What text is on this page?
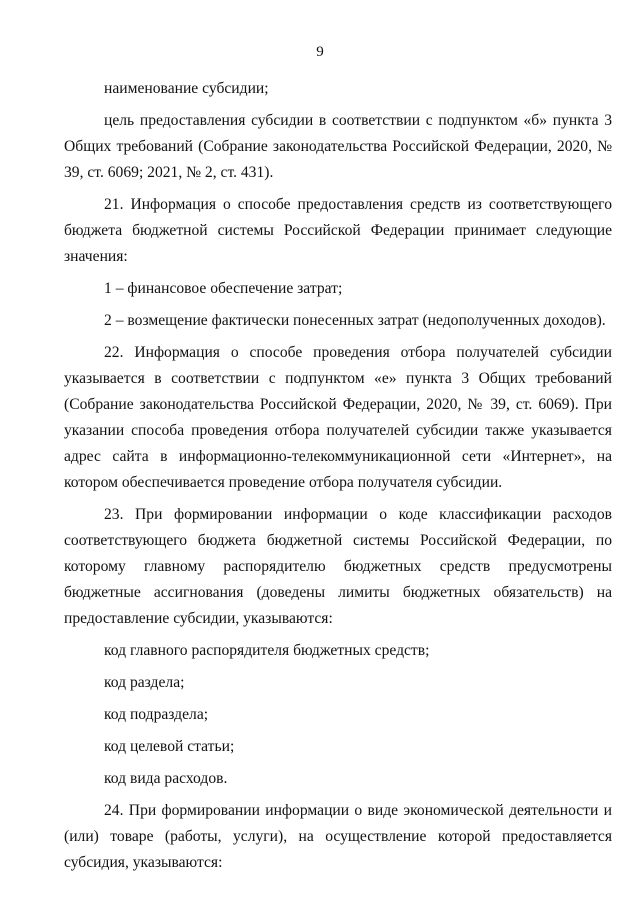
9

наименование субсидии;

цель предоставления субсидии в соответствии с подпунктом «б» пункта 3 Общих требований (Собрание законодательства Российской Федерации, 2020, № 39, ст. 6069; 2021, № 2, ст. 431).

21. Информация о способе предоставления средств из соответствующего бюджета бюджетной системы Российской Федерации принимает следующие значения:

1 – финансовое обеспечение затрат;

2 – возмещение фактически понесенных затрат (недополученных доходов).

22. Информация о способе проведения отбора получателей субсидии указывается в соответствии с подпунктом «е» пункта 3 Общих требований (Собрание законодательства Российской Федерации, 2020, № 39, ст. 6069). При указании способа проведения отбора получателей субсидии также указывается адрес сайта в информационно-телекоммуникационной сети «Интернет», на котором обеспечивается проведение отбора получателя субсидии.

23. При формировании информации о коде классификации расходов соответствующего бюджета бюджетной системы Российской Федерации, по которому главному распорядителю бюджетных средств предусмотрены бюджетные ассигнования (доведены лимиты бюджетных обязательств) на предоставление субсидии, указываются:

код главного распорядителя бюджетных средств;

код раздела;

код подраздела;

код целевой статьи;

код вида расходов.

24. При формировании информации о виде экономической деятельности и (или) товаре (работы, услуги), на осуществление которой предоставляется субсидия, указываются:
